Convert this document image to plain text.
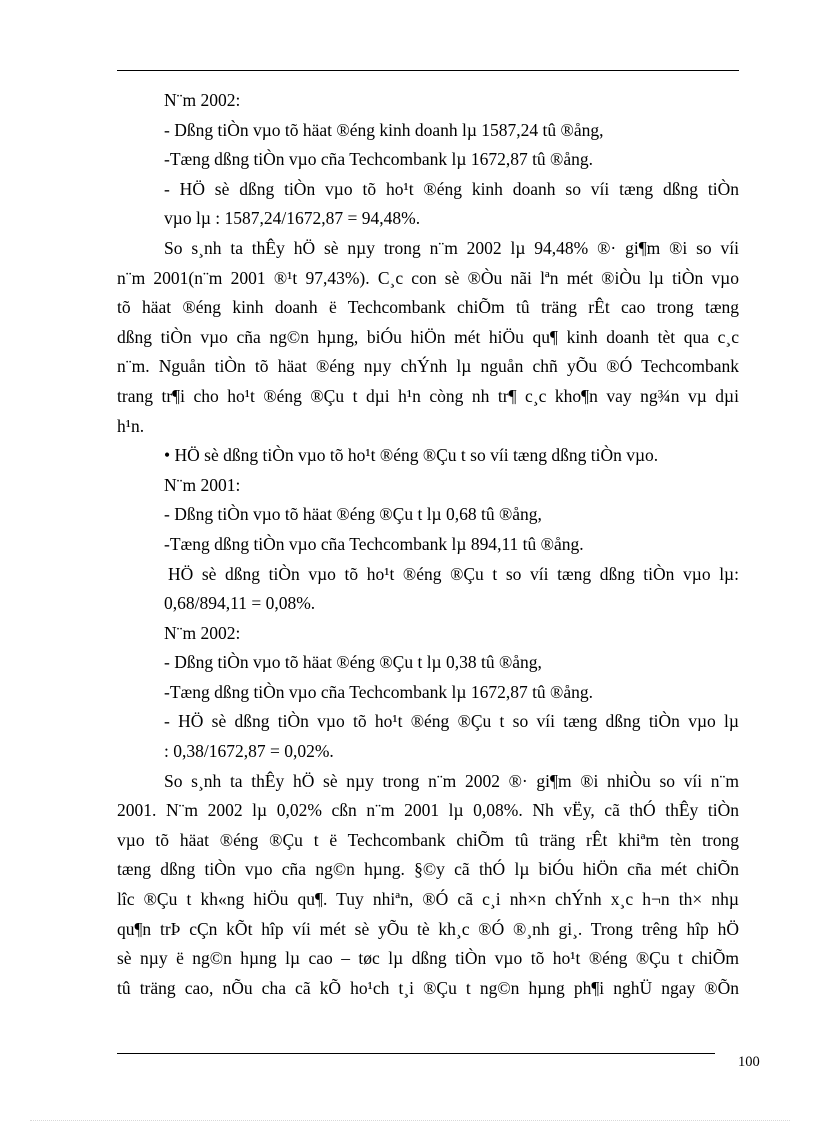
N¨m 2002:
- Dßng tiÒn vµo tõ häat ®éng kinh doanh lµ 1587,24 tû ®ång,
-Tæng dßng tiÒn vµo cña Techcombank lµ 1672,87 tû ®ång.
- HÖ sè dßng tiÒn vµo tõ ho¹t ®éng kinh doanh so víi tæng dßng tiÒn
vµo lµ : 1587,24/1672,87 = 94,48%.
So s¸nh ta thÊy hÖ sè nµy trong n¨m 2002 lµ 94,48% ®· gi¶m ®i so víi
n¨m 2001(n¨m 2001 ®¹t 97,43%). C¸c con sè ®Òu nãi lªn mét ®iÒu lµ tiÒn vµo
tõ häat ®éng kinh doanh ë Techcombank chiÕm tû träng rÊt cao trong tæng
dßng tiÒn vµo cña ng©n hµng, biÓu hiÖn mét hiÖu qu¶ kinh doanh tèt qua c¸c
n¨m. Nguån tiÒn tõ häat ®éng nµy chÝnh lµ nguån chñ yÕu ®Ó Techcombank
trang tr¶i cho ho¹t ®éng ®Çu t dµi h¹n còng nh tr¶ c¸c kho¶n vay ng¾n vµ dµi
h¹n.
• HÖ sè dßng tiÒn vµo tõ ho¹t ®éng ®Çu t so víi tæng dßng tiÒn vµo.
N¨m 2001:
- Dßng tiÒn vµo tõ häat ®éng ®Çu t lµ 0,68 tû ®ång,
-Tæng dßng tiÒn vµo cña Techcombank lµ 894,11 tû ®ång.
HÖ sè dßng tiÒn vµo tõ ho¹t ®éng ®Çu t so víi tæng dßng tiÒn vµo lµ:
0,68/894,11 = 0,08%.
N¨m 2002:
- Dßng tiÒn vµo tõ häat ®éng ®Çu t lµ 0,38 tû ®ång,
-Tæng dßng tiÒn vµo cña Techcombank lµ 1672,87 tû ®ång.
- HÖ sè dßng tiÒn vµo tõ ho¹t ®éng ®Çu t so víi tæng dßng tiÒn vµo lµ
: 0,38/1672,87 = 0,02%.
So s¸nh ta thÊy hÖ sè nµy trong n¨m 2002 ®· gi¶m ®i nhiÒu so víi n¨m
2001. N¨m 2002 lµ 0,02% cßn n¨m 2001 lµ 0,08%. Nh vËy, cã thÓ thÊy tiÒn
vµo tõ häat ®éng ®Çu t ë Techcombank chiÕm tû träng rÊt khiªm tèn trong
tæng dßng tiÒn vµo cña ng©n hµng. §©y cã thÓ lµ biÓu hiÖn cña mét chiÕn
lîc ®Çu t kh«ng hiÖu qu¶. Tuy nhiªn, ®Ó cã c¸i nh×n chÝnh x¸c h¬n th× nhµ
qu¶n trÞ cÇn kÕt hîp víi mét sè yÕu tè kh¸c ®Ó ®¸nh gi¸. Trong trêng hîp hÖ
sè nµy ë ng©n hµng lµ cao – tøc lµ dßng tiÒn vµo tõ ho¹t ®éng ®Çu t chiÕm
tû träng cao, nÕu cha cã kÕ ho¹ch t¸i ®Çu t ng©n hµng ph¶i nghÜ ngay ®Õn
100
